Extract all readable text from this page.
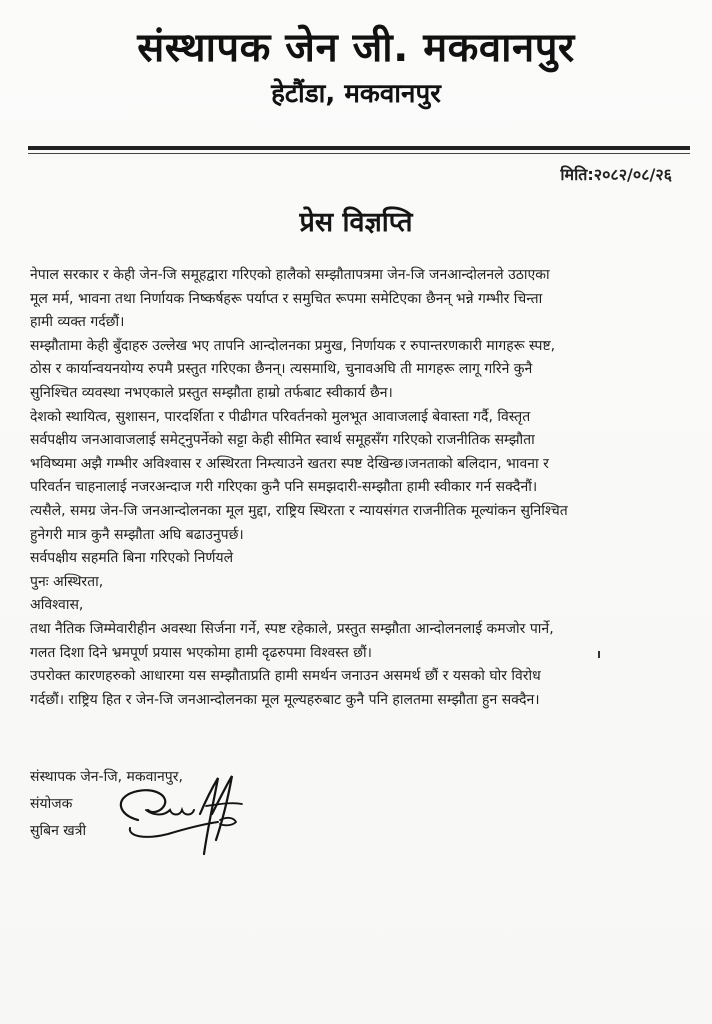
संस्थापक जेन जी. मकवानपुर
हेटौंडा, मकवानपुर
मिति:२०८२/०८/२६
प्रेस विज्ञप्ति

नेपाल सरकार र केही जेन-जि समूहद्वारा गरिएको हालैको सम्झौतापत्रमा जेन-जि जनआन्दोलनले उठाएका

मूल मर्म, भावना तथा निर्णायक निष्कर्षहरू पर्याप्त र समुचित रूपमा समेटिएका छैनन् भन्ने गम्भीर चिन्ता

हामी व्यक्त गर्दछौं।

सम्झौतामा केही बुँदाहरु उल्लेख भए तापनि आन्दोलनका प्रमुख, निर्णायक र रुपान्तरणकारी मागहरू स्पष्ट,

ठोस र कार्यान्वयनयोग्य रुपमै प्रस्तुत गरिएका छैनन्। त्यसमाथि, चुनावअघि ती मागहरू लागू गरिने कुनै

सुनिश्चित व्यवस्था नभएकाले प्रस्तुत सम्झौता हाम्रो तर्फबाट स्वीकार्य छैन।

देशको स्थायित्व, सुशासन, पारदर्शिता र पीढीगत परिवर्तनको मुलभूत आवाजलाई बेवास्ता गर्दै, विस्तृत

सर्वपक्षीय जनआवाजलाई समेट्नुपर्नेको सट्टा केही सीमित स्वार्थ समूहसँग गरिएको राजनीतिक सम्झौता

भविष्यमा अझै गम्भीर अविश्वास र अस्थिरता निम्त्याउने खतरा स्पष्ट देखिन्छ।जनताको बलिदान, भावना र

परिवर्तन चाहनालाई नजरअन्दाज गरी गरिएका कुनै पनि समझदारी-सम्झौता हामी स्वीकार गर्न सक्दैनौं।

त्यसैले, समग्र जेन-जि जनआन्दोलनका मूल मुद्दा, राष्ट्रिय स्थिरता र न्यायसंगत राजनीतिक मूल्यांकन सुनिश्चित

हुनेगरी मात्र कुनै सम्झौता अघि बढाउनुपर्छ।

सर्वपक्षीय सहमति बिना गरिएको निर्णयले

पुनः अस्थिरता,

अविश्वास,

तथा नैतिक जिम्मेवारीहीन अवस्था सिर्जना गर्ने, स्पष्ट रहेकाले, प्रस्तुत सम्झौता आन्दोलनलाई कमजोर पार्ने,

गलत दिशा दिने भ्रमपूर्ण प्रयास भएकोमा हामी दृढरुपमा विश्वस्त छौं।

उपरोक्त कारणहरुको आधारमा यस सम्झौताप्रति हामी समर्थन जनाउन असमर्थ छौं र यसको घोर विरोध

गर्दछौं। राष्ट्रिय हित र जेन-जि जनआन्दोलनका मूल मूल्यहरुबाट कुनै पनि हालतमा सम्झौता हुन सक्दैन।

संस्थापक जेन-जि, मकवानपुर,
संयोजक
सुबिन खत्री
